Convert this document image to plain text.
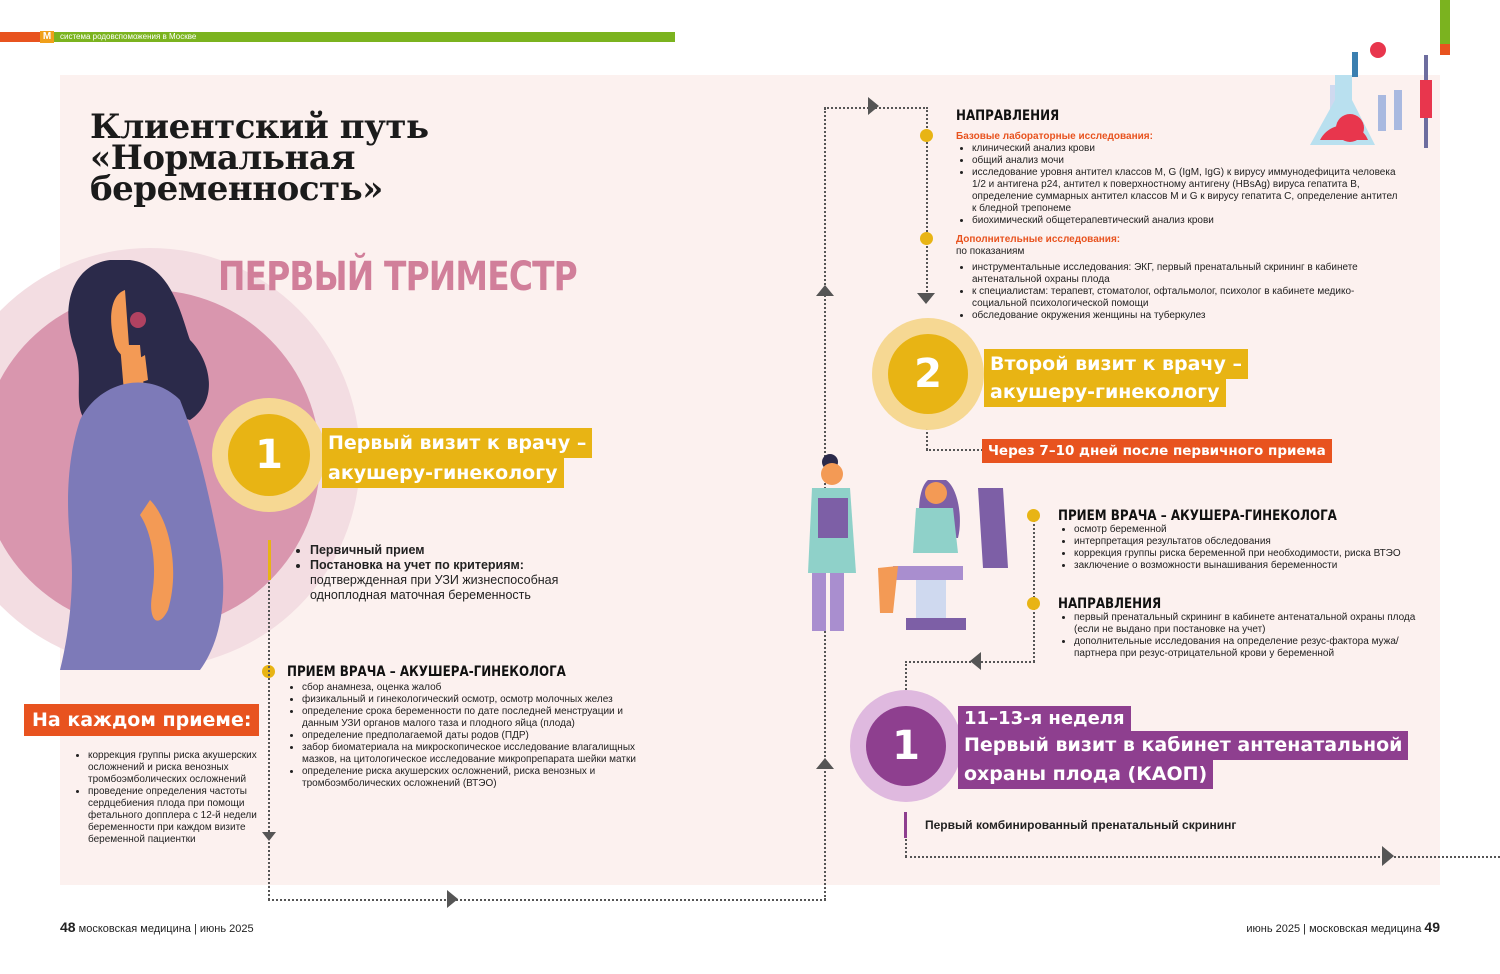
M	система родовспоможения в Москве
Клиентский путь «Нормальная беременность»
ПЕРВЫЙ ТРИМЕСТР
1	Первый визит к врачу –
акушеру-гинекологу
• Первичный прием
• Постановка на учет по критериям:
подтвержденная при УЗИ жизнеспособная одноплодная маточная беременность
ПРИЕМ ВРАЧА – АКУШЕРА-ГИНЕКОЛОГА
• сбор анамнеза, оценка жалоб
• физикальный и гинекологический осмотр, осмотр молочных желез
• определение срока беременности по дате последней менструации и данным УЗИ органов малого таза и плодного яйца (плода)
• определение предполагаемой даты родов (ПДР)
• забор биоматериала на микроскопическое исследование влагалищных мазков, на цитологическое исследование микропрепарата шейки матки
• определение риска акушерских осложнений, риска венозных и тромбоэмболических осложнений (ВТЭО)
На каждом приеме:
• коррекция группы риска акушерских осложнений и риска венозных тромбоэмболических осложнений
• проведение определения частоты сердцебиения плода при помощи фетального допплера с 12-й недели беременности при каждом визите беременной пациентки
НАПРАВЛЕНИЯ
Базовые лабораторные исследования:
• клинический анализ крови
• общий анализ мочи
• исследование уровня антител классов M, G (IgM, IgG) к вирусу иммунодефицита человека 1/2 и антигена p24, антител к поверхностному антигену (HBsAg) вируса гепатита В, определение суммарных антител классов М и G к вирусу гепатита С, определение антител к бледной трепонеме
• биохимический общетерапевтический анализ крови
Дополнительные исследования:
по показаниям
• инструментальные исследования: ЭКГ, первый пренатальный скрининг в кабинете антенатальной охраны плода
• к специалистам: терапевт, стоматолог, офтальмолог, психолог в кабинете медико-социальной психологической помощи
• обследование окружения женщины на туберкулез
2	Второй визит к врачу –
акушеру-гинекологу
Через 7–10 дней после первичного приема
ПРИЕМ ВРАЧА – АКУШЕРА-ГИНЕКОЛОГА
• осмотр беременной
• интерпретация результатов обследования
• коррекция группы риска беременной при необходимости, риска ВТЭО
• заключение о возможности вынашивания беременности
НАПРАВЛЕНИЯ
• первый пренатальный скрининг в кабинете антенатальной охраны плода (если не выдано при постановке на учет)
• дополнительные исследования на определение резус-фактора мужа/партнера при резус-отрицательной крови у беременной
1
11–13-я неделя
Первый визит в кабинет антенатальной
охраны плода (КАОП)
Первый комбинированный пренатальный скрининг
48 московская медицина | июнь 2025	июнь 2025 | московская медицина 49
